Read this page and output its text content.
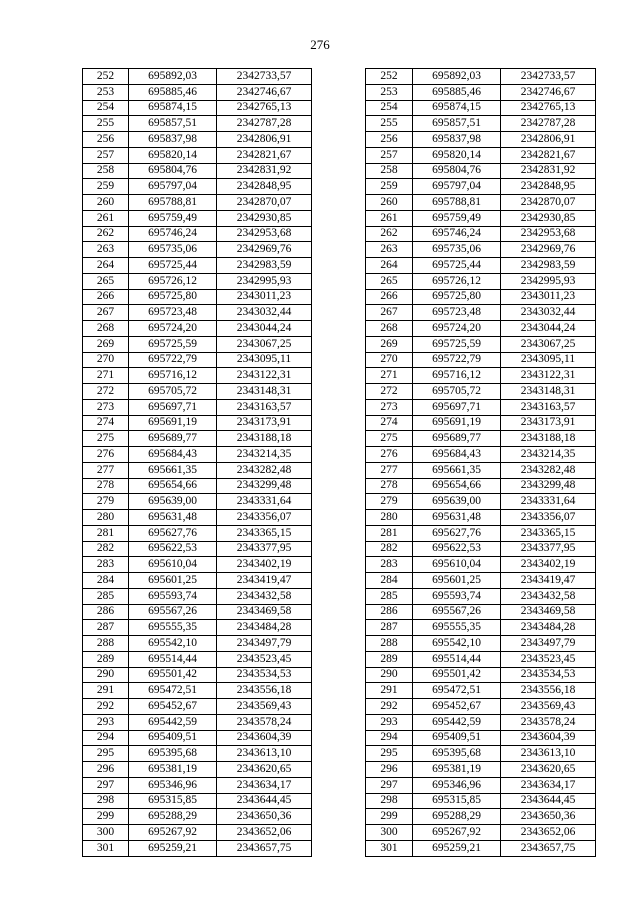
276
252	695892,03	2342733,57		252	695892,03	2342733,57
253	695885,46	2342746,67		253	695885,46	2342746,67
254	695874,15	2342765,13		254	695874,15	2342765,13
255	695857,51	2342787,28		255	695857,51	2342787,28
256	695837,98	2342806,91		256	695837,98	2342806,91
257	695820,14	2342821,67		257	695820,14	2342821,67
258	695804,76	2342831,92		258	695804,76	2342831,92
259	695797,04	2342848,95		259	695797,04	2342848,95
260	695788,81	2342870,07		260	695788,81	2342870,07
261	695759,49	2342930,85		261	695759,49	2342930,85
262	695746,24	2342953,68		262	695746,24	2342953,68
263	695735,06	2342969,76		263	695735,06	2342969,76
264	695725,44	2342983,59		264	695725,44	2342983,59
265	695726,12	2342995,93		265	695726,12	2342995,93
266	695725,80	2343011,23		266	695725,80	2343011,23
267	695723,48	2343032,44		267	695723,48	2343032,44
268	695724,20	2343044,24		268	695724,20	2343044,24
269	695725,59	2343067,25		269	695725,59	2343067,25
270	695722,79	2343095,11		270	695722,79	2343095,11
271	695716,12	2343122,31		271	695716,12	2343122,31
272	695705,72	2343148,31		272	695705,72	2343148,31
273	695697,71	2343163,57		273	695697,71	2343163,57
274	695691,19	2343173,91		274	695691,19	2343173,91
275	695689,77	2343188,18		275	695689,77	2343188,18
276	695684,43	2343214,35		276	695684,43	2343214,35
277	695661,35	2343282,48		277	695661,35	2343282,48
278	695654,66	2343299,48		278	695654,66	2343299,48
279	695639,00	2343331,64		279	695639,00	2343331,64
280	695631,48	2343356,07		280	695631,48	2343356,07
281	695627,76	2343365,15		281	695627,76	2343365,15
282	695622,53	2343377,95		282	695622,53	2343377,95
283	695610,04	2343402,19		283	695610,04	2343402,19
284	695601,25	2343419,47		284	695601,25	2343419,47
285	695593,74	2343432,58		285	695593,74	2343432,58
286	695567,26	2343469,58		286	695567,26	2343469,58
287	695555,35	2343484,28		287	695555,35	2343484,28
288	695542,10	2343497,79		288	695542,10	2343497,79
289	695514,44	2343523,45		289	695514,44	2343523,45
290	695501,42	2343534,53		290	695501,42	2343534,53
291	695472,51	2343556,18		291	695472,51	2343556,18
292	695452,67	2343569,43		292	695452,67	2343569,43
293	695442,59	2343578,24		293	695442,59	2343578,24
294	695409,51	2343604,39		294	695409,51	2343604,39
295	695395,68	2343613,10		295	695395,68	2343613,10
296	695381,19	2343620,65		296	695381,19	2343620,65
297	695346,96	2343634,17		297	695346,96	2343634,17
298	695315,85	2343644,45		298	695315,85	2343644,45
299	695288,29	2343650,36		299	695288,29	2343650,36
300	695267,92	2343652,06		300	695267,92	2343652,06
301	695259,21	2343657,75		301	695259,21	2343657,75
